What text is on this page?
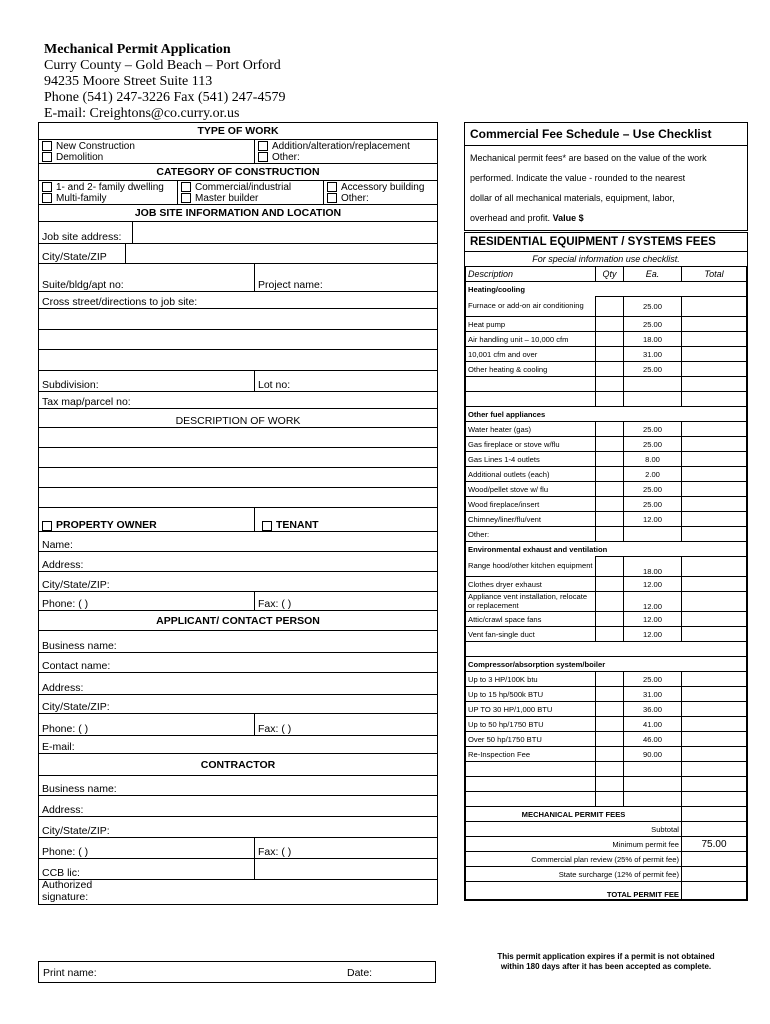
Mechanical Permit Application
Curry County – Gold Beach – Port Orford
94235 Moore Street Suite 113
Phone (541) 247-3226 Fax (541) 247-4579
E-mail: Creightons@co.curry.or.us
TYPE OF WORK
New Construction
Demolition
Addition/alteration/replacement
Other:
CATEGORY OF CONSTRUCTION
1- and 2- family dwelling
Multi-family
Commercial/industrial
Master builder
Accessory building
Other:
JOB SITE INFORMATION AND LOCATION
Job site address:
City/State/ZIP
Suite/bldg/apt no:	Project name:
Cross street/directions to job site:
Subdivision:	Lot no:
Tax map/parcel no:
DESCRIPTION OF WORK
PROPERTY OWNER	TENANT
Name:
Address:
City/State/ZIP:
Phone: ( )	Fax: ( )
APPLICANT/ CONTACT PERSON
Business name:
Contact name:
Address:
City/State/ZIP:
Phone: ( )	Fax: ( )
E-mail:
CONTRACTOR
Business name:
Address:
City/State/ZIP:
Phone: ( )	Fax: ( )
CCB lic:
Authorized
signature:
Print name:	Date:
Commercial Fee Schedule – Use Checklist
Mechanical permit fees* are based on the value of the work
performed. Indicate the value - rounded to the nearest
dollar of all mechanical materials, equipment, labor,
overhead and profit. Value $
RESIDENTIAL EQUIPMENT / SYSTEMS FEES
For special information use checklist.
Description	Qty	Ea.	Total
Heating/cooling			
Furnace or add-on air conditioning		25.00	
Heat pump		25.00	
Air handling unit – 10,000 cfm		18.00	
10,001 cfm and over		31.00	
Other heating & cooling		25.00	

Other fuel appliances			
Water heater (gas)		25.00	
Gas fireplace or stove w/flu		25.00	
Gas Lines 1-4 outlets		8.00	
Additional outlets (each)		2.00	
Wood/pellet stove w/ flu		25.00	
Wood fireplace/insert		25.00	
Chimney/liner/flu/vent		12.00	
Other:			
Environmental exhaust and ventilation			
Range hood/other kitchen equipment		18.00	
Clothes dryer exhaust		12.00	
Appliance vent installation, relocate or replacement		12.00	
Attic/crawl space fans		12.00	
Vent fan-single duct		12.00	

Compressor/absorption system/boiler			
Up to 3 HP/100K btu		25.00	
Up to 15 hp/500k BTU		31.00	
UP TO 30 HP/1,000 BTU		36.00	
Up to 50 hp/1750 BTU		41.00	
Over 50 hp/1750 BTU		46.00	
Re-Inspection Fee		90.00	

MECHANICAL PERMIT FEES			
Subtotal			
Minimum permit fee			75.00
Commercial plan review (25% of permit fee)			
State surcharge (12% of permit fee)			
TOTAL PERMIT FEE			
This permit application expires if a permit is not obtained
within 180 days after it has been accepted as complete.
